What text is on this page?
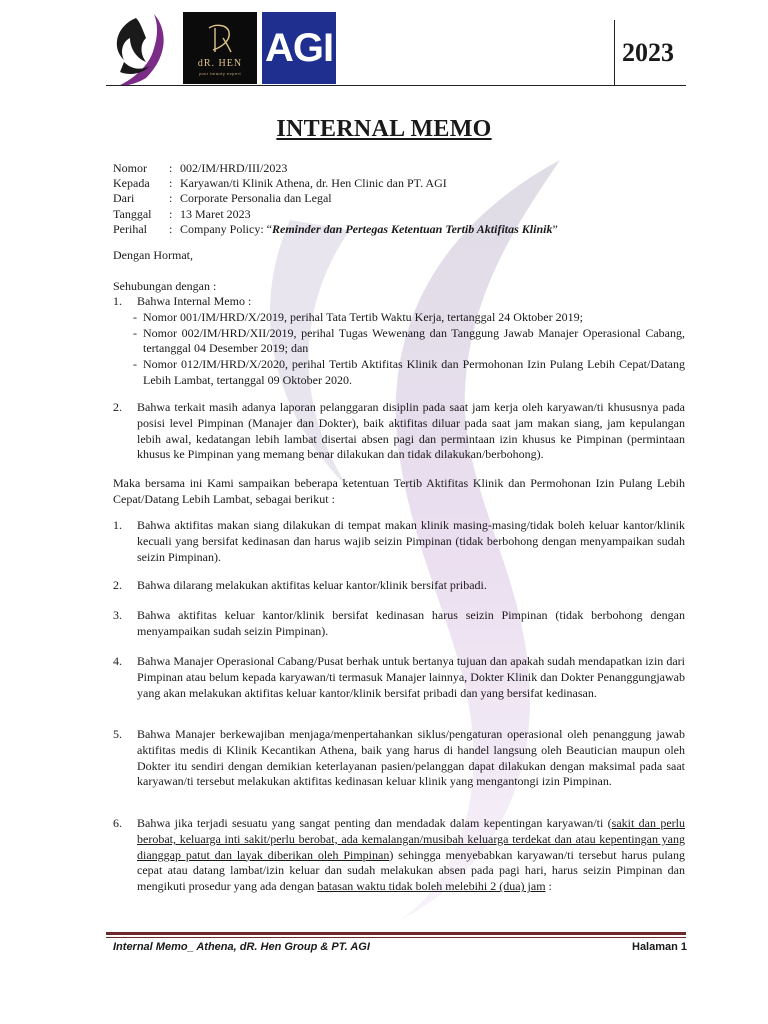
dR. HEN
your beauty expert
AGI	2023
INTERNAL MEMO
Nomor	: 002/IM/HRD/III/2023
Kepada	: Karyawan/ti Klinik Athena, dr. Hen Clinic dan PT. AGI
Dari	: Corporate Personalia dan Legal
Tanggal	: 13 Maret 2023
Perihal	: Company Policy: “Reminder dan Pertegas Ketentuan Tertib Aktifitas Klinik”
Dengan Hormat,
Sehubungan dengan :
1. Bahwa Internal Memo :
- Nomor 001/IM/HRD/X/2019, perihal Tata Tertib Waktu Kerja, tertanggal 24 Oktober 2019;
- Nomor 002/IM/HRD/XII/2019, perihal Tugas Wewenang dan Tanggung Jawab Manajer Operasional Cabang, tertanggal 04 Desember 2019; dan
- Nomor 012/IM/HRD/X/2020, perihal Tertib Aktifitas Klinik dan Permohonan Izin Pulang Lebih Cepat/Datang Lebih Lambat, tertanggal 09 Oktober 2020.
2. Bahwa terkait masih adanya laporan pelanggaran disiplin pada saat jam kerja oleh karyawan/ti khususnya pada posisi level Pimpinan (Manajer dan Dokter), baik aktifitas diluar pada saat jam makan siang, jam kepulangan lebih awal, kedatangan lebih lambat disertai absen pagi dan permintaan izin khusus ke Pimpinan (permintaan khusus ke Pimpinan yang memang benar dilakukan dan tidak dilakukan/berbohong).
Maka bersama ini Kami sampaikan beberapa ketentuan Tertib Aktifitas Klinik dan Permohonan Izin Pulang Lebih Cepat/Datang Lebih Lambat, sebagai berikut :
1. Bahwa aktifitas makan siang dilakukan di tempat makan klinik masing-masing/tidak boleh keluar kantor/klinik kecuali yang bersifat kedinasan dan harus wajib seizin Pimpinan (tidak berbohong dengan menyampaikan sudah seizin Pimpinan).
2. Bahwa dilarang melakukan aktifitas keluar kantor/klinik bersifat pribadi.
3. Bahwa aktifitas keluar kantor/klinik bersifat kedinasan harus seizin Pimpinan (tidak berbohong dengan menyampaikan sudah seizin Pimpinan).
4. Bahwa Manajer Operasional Cabang/Pusat berhak untuk bertanya tujuan dan apakah sudah mendapatkan izin dari Pimpinan atau belum kepada karyawan/ti termasuk Manajer lainnya, Dokter Klinik dan Dokter Penanggungjawab yang akan melakukan aktifitas keluar kantor/klinik bersifat pribadi dan yang bersifat kedinasan.
5. Bahwa Manajer berkewajiban menjaga/menpertahankan siklus/pengaturan operasional oleh penanggung jawab aktifitas medis di Klinik Kecantikan Athena, baik yang harus di handel langsung oleh Beautician maupun oleh Dokter itu sendiri dengan demikian keterlayanan pasien/pelanggan dapat dilakukan dengan maksimal pada saat karyawan/ti tersebut melakukan aktifitas kedinasan keluar klinik yang mengantongi izin Pimpinan.
6. Bahwa jika terjadi sesuatu yang sangat penting dan mendadak dalam kepentingan karyawan/ti (sakit dan perlu berobat, keluarga inti sakit/perlu berobat, ada kemalangan/musibah keluarga terdekat dan atau kepentingan yang dianggap patut dan layak diberikan oleh Pimpinan) sehingga menyebabkan karyawan/ti tersebut harus pulang cepat atau datang lambat/izin keluar dan sudah melakukan absen pada pagi hari, harus seizin Pimpinan dan mengikuti prosedur yang ada dengan batasan waktu tidak boleh melebihi 2 (dua) jam :
Internal Memo_ Athena, dR. Hen Group & PT. AGI	Halaman 1
